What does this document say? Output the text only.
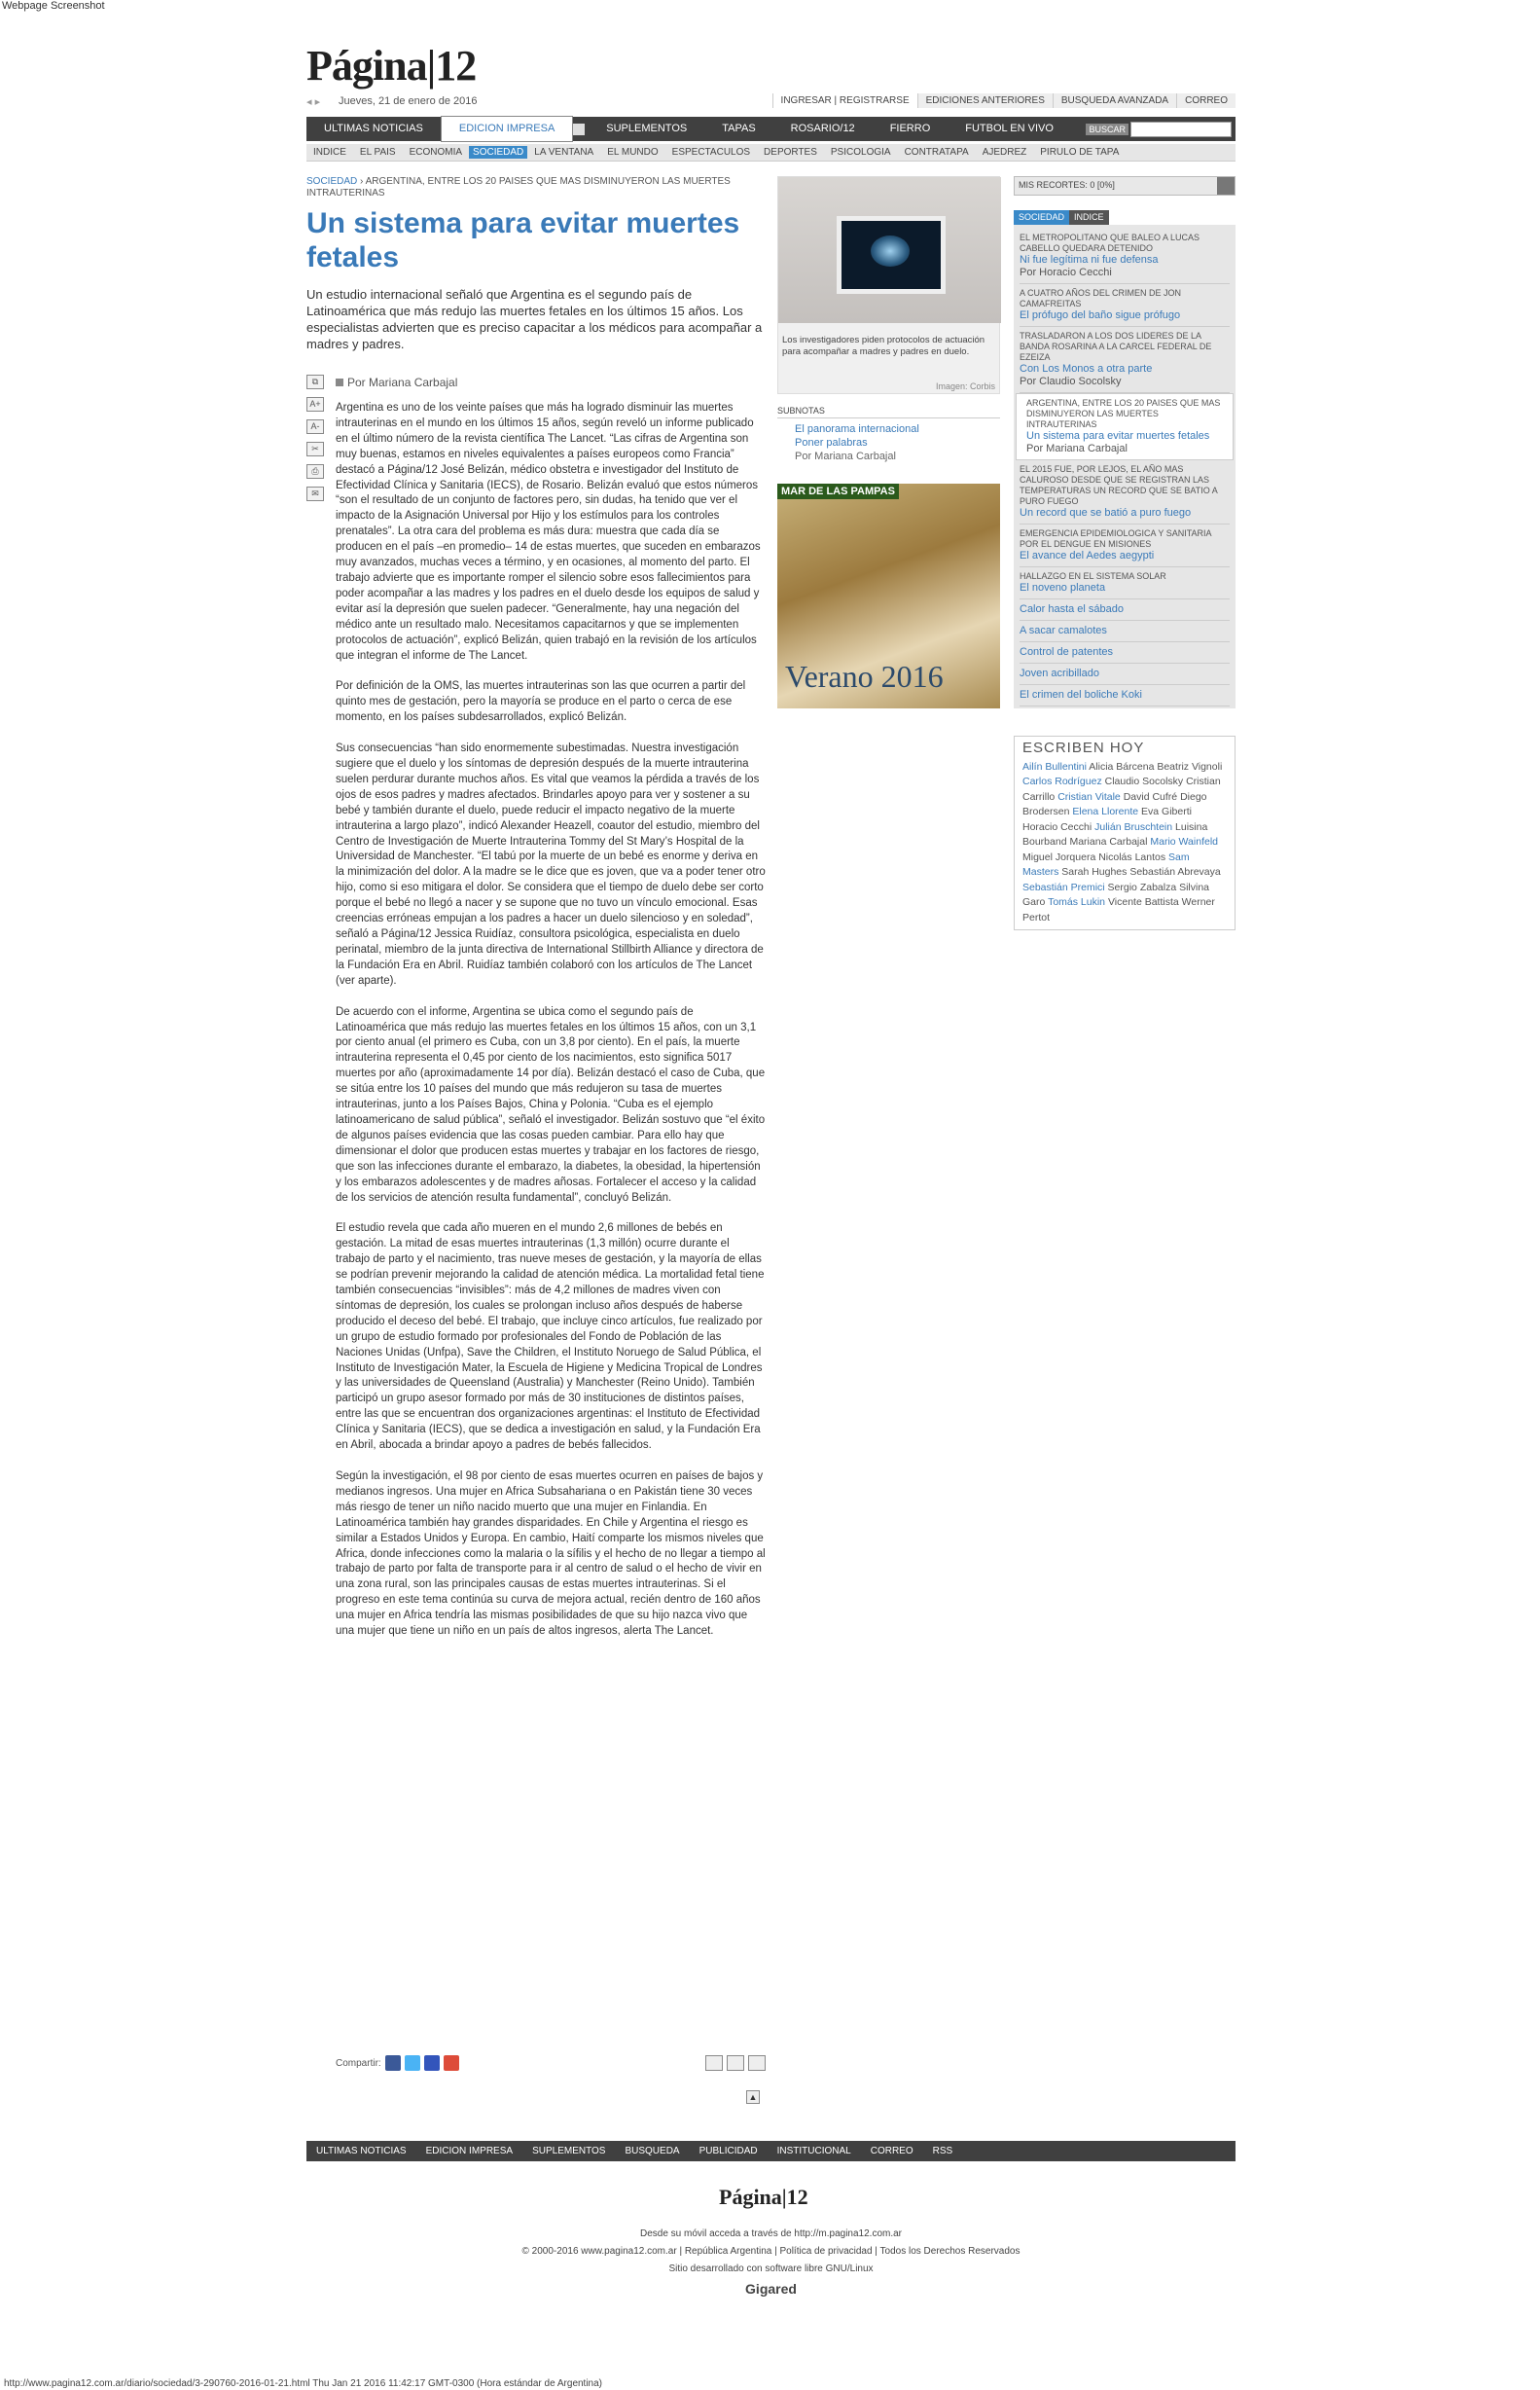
Webpage Screenshot
Página|12
◂ ▸ Jueves, 21 de enero de 2016	INGRESAR | REGISTRARSE	EDICIONES ANTERIORES	BUSQUEDA AVANZADA	CORREO
ULTIMAS NOTICIAS	EDICION IMPRESA	SUPLEMENTOS	TAPAS	ROSARIO/12	FIERRO	FUTBOL EN VIVO	BUSCAR
INDICE	EL PAIS	ECONOMIA	SOCIEDAD	LA VENTANA	EL MUNDO	ESPECTACULOS	DEPORTES	PSICOLOGIA	CONTRATAPA	AJEDREZ	PIRULO DE TAPA
SOCIEDAD › ARGENTINA, ENTRE LOS 20 PAISES QUE MAS DISMINUYERON LAS MUERTES INTRAUTERINAS
Un sistema para evitar muertes fetales
Un estudio internacional señaló que Argentina es el segundo país de Latinoamérica que más redujo las muertes fetales en los últimos 15 años. Los especialistas advierten que es preciso capacitar a los médicos para acompañar a madres y padres.
⧉
A+
A-
✂
⎙
✉
Por Mariana Carbajal

Argentina es uno de los veinte países que más ha logrado disminuir las muertes intrauterinas en el mundo en los últimos 15 años, según reveló un informe publicado en el último número de la revista científica The Lancet. “Las cifras de Argentina son muy buenas, estamos en niveles equivalentes a países europeos como Francia” destacó a Página/12 José Belizán, médico obstetra e investigador del Instituto de Efectividad Clínica y Sanitaria (IECS), de Rosario. Belizán evaluó que estos números “son el resultado de un conjunto de factores pero, sin dudas, ha tenido que ver el impacto de la Asignación Universal por Hijo y los estímulos para los controles prenatales”. La otra cara del problema es más dura: muestra que cada día se producen en el país –en promedio– 14 de estas muertes, que suceden en embarazos muy avanzados, muchas veces a término, y en ocasiones, al momento del parto. El trabajo advierte que es importante romper el silencio sobre esos fallecimientos para poder acompañar a las madres y los padres en el duelo desde los equipos de salud y evitar así la depresión que suelen padecer. “Generalmente, hay una negación del médico ante un resultado malo. Necesitamos capacitarnos y que se implementen protocolos de actuación”, explicó Belizán, quien trabajó en la revisión de los artículos que integran el informe de The Lancet.

Por definición de la OMS, las muertes intrauterinas son las que ocurren a partir del quinto mes de gestación, pero la mayoría se produce en el parto o cerca de ese momento, en los países subdesarrollados, explicó Belizán.

Sus consecuencias “han sido enormemente subestimadas. Nuestra investigación sugiere que el duelo y los síntomas de depresión después de la muerte intrauterina suelen perdurar durante muchos años. Es vital que veamos la pérdida a través de los ojos de esos padres y madres afectados. Brindarles apoyo para ver y sostener a su bebé y también durante el duelo, puede reducir el impacto negativo de la muerte intrauterina a largo plazo”, indicó Alexander Heazell, coautor del estudio, miembro del Centro de Investigación de Muerte Intrauterina Tommy del St Mary’s Hospital de la Universidad de Manchester. “El tabú por la muerte de un bebé es enorme y deriva en la minimización del dolor. A la madre se le dice que es joven, que va a poder tener otro hijo, como si eso mitigara el dolor. Se considera que el tiempo de duelo debe ser corto porque el bebé no llegó a nacer y se supone que no tuvo un vínculo emocional. Esas creencias erróneas empujan a los padres a hacer un duelo silencioso y en soledad”, señaló a Página/12 Jessica Ruidíaz, consultora psicológica, especialista en duelo perinatal, miembro de la junta directiva de International Stillbirth Alliance y directora de la Fundación Era en Abril. Ruidíaz también colaboró con los artículos de The Lancet (ver aparte).

De acuerdo con el informe, Argentina se ubica como el segundo país de Latinoamérica que más redujo las muertes fetales en los últimos 15 años, con un 3,1 por ciento anual (el primero es Cuba, con un 3,8 por ciento). En el país, la muerte intrauterina representa el 0,45 por ciento de los nacimientos, esto significa 5017 muertes por año (aproximadamente 14 por día). Belizán destacó el caso de Cuba, que se sitúa entre los 10 países del mundo que más redujeron su tasa de muertes intrauterinas, junto a los Países Bajos, China y Polonia. “Cuba es el ejemplo latinoamericano de salud pública”, señaló el investigador. Belizán sostuvo que “el éxito de algunos países evidencia que las cosas pueden cambiar. Para ello hay que dimensionar el dolor que producen estas muertes y trabajar en los factores de riesgo, que son las infecciones durante el embarazo, la diabetes, la obesidad, la hipertensión y los embarazos adolescentes y de madres añosas. Fortalecer el acceso y la calidad de los servicios de atención resulta fundamental”, concluyó Belizán.

El estudio revela que cada año mueren en el mundo 2,6 millones de bebés en gestación. La mitad de esas muertes intrauterinas (1,3 millón) ocurre durante el trabajo de parto y el nacimiento, tras nueve meses de gestación, y la mayoría de ellas se podrían prevenir mejorando la calidad de atención médica. La mortalidad fetal tiene también consecuencias “invisibles”: más de 4,2 millones de madres viven con síntomas de depresión, los cuales se prolongan incluso años después de haberse producido el deceso del bebé. El trabajo, que incluye cinco artículos, fue realizado por un grupo de estudio formado por profesionales del Fondo de Población de las Naciones Unidas (Unfpa), Save the Children, el Instituto Noruego de Salud Pública, el Instituto de Investigación Mater, la Escuela de Higiene y Medicina Tropical de Londres y las universidades de Queensland (Australia) y Manchester (Reino Unido). También participó un grupo asesor formado por más de 30 instituciones de distintos países, entre las que se encuentran dos organizaciones argentinas: el Instituto de Efectividad Clínica y Sanitaria (IECS), que se dedica a investigación en salud, y la Fundación Era en Abril, abocada a brindar apoyo a padres de bebés fallecidos.

Según la investigación, el 98 por ciento de esas muertes ocurren en países de bajos y medianos ingresos. Una mujer en Africa Subsahariana o en Pakistán tiene 30 veces más riesgo de tener un niño nacido muerto que una mujer en Finlandia. En Latinoamérica también hay grandes disparidades. En Chile y Argentina el riesgo es similar a Estados Unidos y Europa. En cambio, Haití comparte los mismos niveles que Africa, donde infecciones como la malaria o la sífilis y el hecho de no llegar a tiempo al trabajo de parto por falta de transporte para ir al centro de salud o el hecho de vivir en una zona rural, son las principales causas de estas muertes intrauterinas. Si el progreso en este tema continúa su curva de mejora actual, recién dentro de 160 años una mujer en Africa tendría las mismas posibilidades de que su hijo nazca vivo que una mujer que tiene un niño en un país de altos ingresos, alerta The Lancet.

Compartir:
▲
Los investigadores piden protocolos de actuación para acompañar a madres y padres en duelo.
Imagen: Corbis
SUBNOTAS
El panorama internacional
Poner palabras
Por Mariana Carbajal
MAR DE LAS PAMPAS
Verano 2016
MIS RECORTES: 0 [0%]
SOCIEDAD	INDICE
EL METROPOLITANO QUE BALEO A LUCAS CABELLO QUEDARA DETENIDO
Ni fue legítima ni fue defensa
Por Horacio Cecchi
A CUATRO AÑOS DEL CRIMEN DE JON CAMAFREITAS
El prófugo del baño sigue prófugo
TRASLADARON A LOS DOS LIDERES DE LA BANDA ROSARINA A LA CARCEL FEDERAL DE EZEIZA
Con Los Monos a otra parte
Por Claudio Socolsky
ARGENTINA, ENTRE LOS 20 PAISES QUE MAS DISMINUYERON LAS MUERTES INTRAUTERINAS
Un sistema para evitar muertes fetales
Por Mariana Carbajal
EL 2015 FUE, POR LEJOS, EL AÑO MAS CALUROSO DESDE QUE SE REGISTRAN LAS TEMPERATURAS UN RECORD QUE SE BATIO A PURO FUEGO
Un record que se batió a puro fuego
EMERGENCIA EPIDEMIOLOGICA Y SANITARIA POR EL DENGUE EN MISIONES
El avance del Aedes aegypti
HALLAZGO EN EL SISTEMA SOLAR
El noveno planeta
Calor hasta el sábado
A sacar camalotes
Control de patentes
Joven acribillado
El crimen del boliche Koki
ESCRIBEN HOY
Ailín Bullentini Alicia Bárcena Beatriz Vignoli Carlos Rodríguez Claudio Socolsky Cristian Carrillo Cristian Vitale David Cufré Diego Brodersen Elena Llorente Eva Giberti Horacio Cecchi Julián Bruschtein Luisina Bourband Mariana Carbajal Mario Wainfeld Miguel Jorquera Nicolás Lantos Sam Masters Sarah Hughes Sebastián Abrevaya Sebastián Premici Sergio Zabalza Silvina Garo Tomás Lukin Vicente Battista Werner Pertot
ULTIMAS NOTICIAS	EDICION IMPRESA	SUPLEMENTOS	BUSQUEDA	PUBLICIDAD	INSTITUCIONAL	CORREO	RSS
Página|12
Desde su móvil acceda a través de http://m.pagina12.com.ar
© 2000-2016 www.pagina12.com.ar | República Argentina | Política de privacidad | Todos los Derechos Reservados
Sitio desarrollado con software libre GNU/Linux
Gigared
http://www.pagina12.com.ar/diario/sociedad/3-290760-2016-01-21.html Thu Jan 21 2016 11:42:17 GMT-0300 (Hora estándar de Argentina)
